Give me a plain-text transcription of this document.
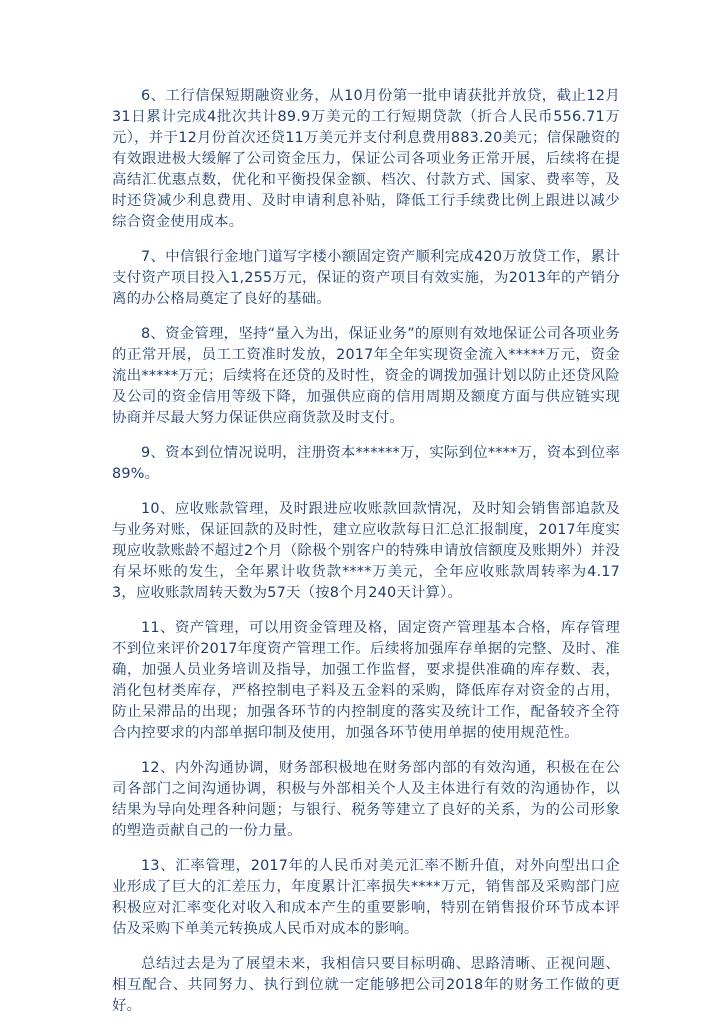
6、工行信保短期融资业务，从10月份第一批申请获批并放贷，截止12月31日累计完成4批次共计89.9万美元的工行短期贷款（折合人民币556.71万元），并于12月份首次还贷11万美元并支付利息费用883.20美元；信保融资的有效跟进极大缓解了公司资金压力，保证公司各项业务正常开展，后续将在提高结汇优惠点数，优化和平衡投保金额、档次、付款方式、国家、费率等，及时还贷减少利息费用、及时申请利息补贴，降低工行手续费比例上跟进以减少综合资金使用成本。

7、中信银行金地门道写字楼小额固定资产顺利完成420万放贷工作，累计支付资产项目投入1,255万元，保证的资产项目有效实施，为2013年的产销分离的办公格局奠定了良好的基础。

8、资金管理，坚持“量入为出，保证业务”的原则有效地保证公司各项业务的正常开展，员工工资准时发放，2017年全年实现资金流入*****万元，资金流出*****万元；后续将在还贷的及时性，资金的调拨加强计划以防止还贷风险及公司的资金信用等级下降，加强供应商的信用周期及额度方面与供应链实现协商并尽最大努力保证供应商货款及时支付。

9、资本到位情况说明，注册资本******万，实际到位****万，资本到位率89%。

10、应收账款管理，及时跟进应收账款回款情况，及时知会销售部追款及与业务对账，保证回款的及时性，建立应收款每日汇总汇报制度，2017年度实现应收款账龄不超过2个月（除极个别客户的特殊申请放信额度及账期外）并没有呆坏账的发生，全年累计收货款****万美元，全年应收账款周转率为4.173，应收账款周转天数为57天（按8个月240天计算）。

11、资产管理，可以用资金管理及格，固定资产管理基本合格，库存管理不到位来评价2017年度资产管理工作。后续将加强库存单据的完整、及时、准确，加强人员业务培训及指导，加强工作监督，要求提供准确的库存数、表，消化包材类库存，严格控制电子料及五金料的采购，降低库存对资金的占用，防止呆滞品的出现；加强各环节的内控制度的落实及统计工作，配备较齐全符合内控要求的内部单据印制及使用，加强各环节使用单据的使用规范性。

12、内外沟通协调，财务部积极地在财务部内部的有效沟通，积极在在公司各部门之间沟通协调，积极与外部相关个人及主体进行有效的沟通协作，以结果为导向处理各种问题；与银行、税务等建立了良好的关系，为的公司形象的塑造贡献自己的一份力量。

13、汇率管理，2017年的人民币对美元汇率不断升值，对外向型出口企业形成了巨大的汇差压力，年度累计汇率损失****万元，销售部及采购部门应积极应对汇率变化对收入和成本产生的重要影响，特别在销售报价环节成本评估及采购下单美元转换成人民币对成本的影响。

总结过去是为了展望未来，我相信只要目标明确、思路清晰、正视问题、相互配合、共同努力、执行到位就一定能够把公司2018年的财务工作做的更好。
